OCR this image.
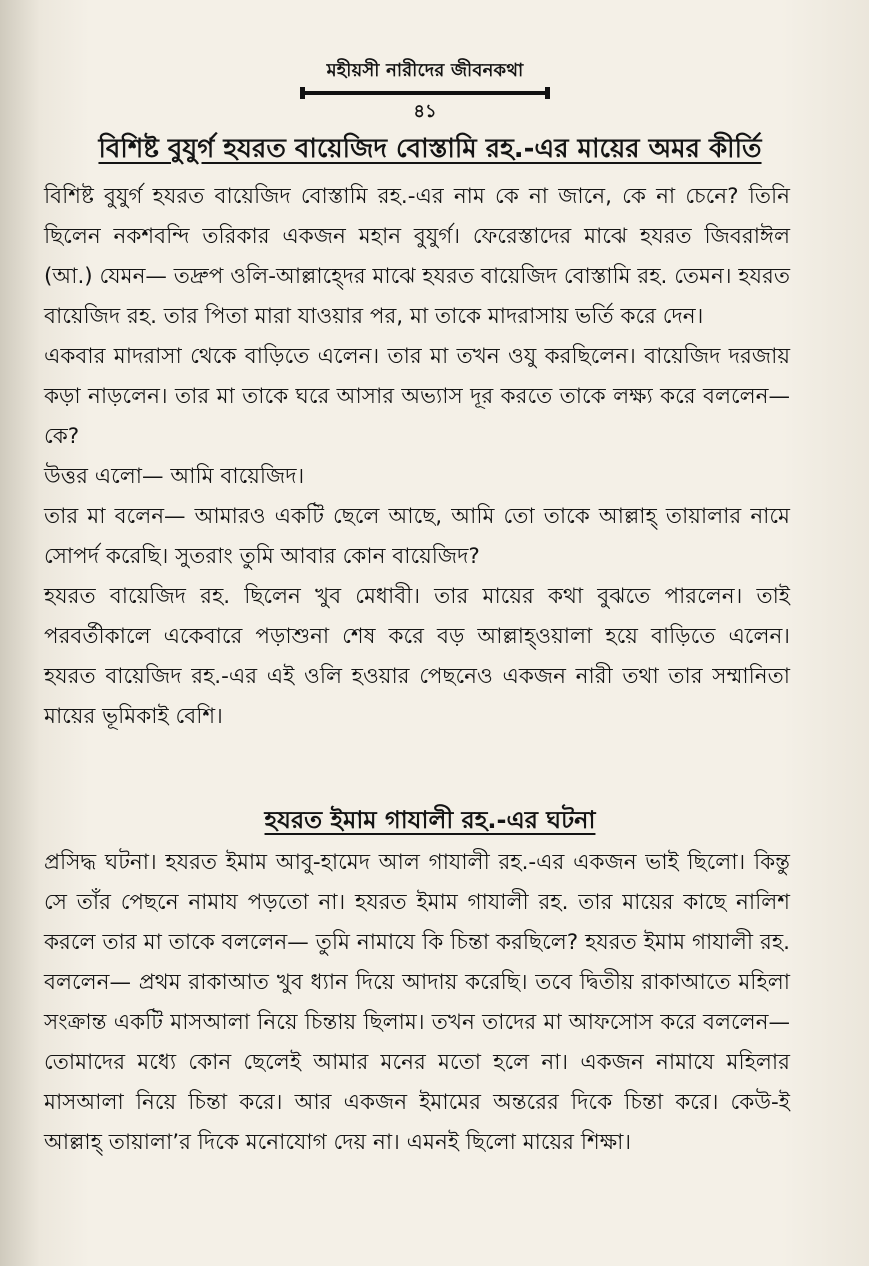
মহীয়সী নারীদের জীবনকথা
৪১
বিশিষ্ট বুযুর্গ হযরত বায়েজিদ বোস্তামি রহ.-এর মায়ের অমর কীর্তি

বিশিষ্ট বুযুর্গ হযরত বায়েজিদ বোস্তামি রহ.-এর নাম কে না জানে, কে না চেনে? তিনি ছিলেন নকশবন্দি তরিকার একজন মহান বুযুর্গ। ফেরেস্তাদের মাঝে হযরত জিবরাঈল (আ.) যেমন— তদ্রুপ ওলি-আল্লাহ্দের মাঝে হযরত বায়েজিদ বোস্তামি রহ. তেমন। হযরত বায়েজিদ রহ. তার পিতা মারা যাওয়ার পর, মা তাকে মাদরাসায় ভর্তি করে দেন।

একবার মাদরাসা থেকে বাড়িতে এলেন। তার মা তখন ওযু করছিলেন। বায়েজিদ দরজায় কড়া নাড়লেন। তার মা তাকে ঘরে আসার অভ্যাস দূর করতে তাকে লক্ষ্য করে বললেন— কে?

উত্তর এলো— আমি বায়েজিদ।

তার মা বলেন— আমারও একটি ছেলে আছে, আমি তো তাকে আল্লাহ্ তায়ালার নামে সোপর্দ করেছি। সুতরাং তুমি আবার কোন বায়েজিদ?

হযরত বায়েজিদ রহ. ছিলেন খুব মেধাবী। তার মায়ের কথা বুঝতে পারলেন। তাই পরবর্তীকালে একেবারে পড়াশুনা শেষ করে বড় আল্লাহ্ওয়ালা হয়ে বাড়িতে এলেন। হযরত বায়েজিদ রহ.-এর এই ওলি হওয়ার পেছনেও একজন নারী তথা তার সম্মানিতা মায়ের ভূমিকাই বেশি।

হযরত ইমাম গাযালী রহ.-এর ঘটনা

প্রসিদ্ধ ঘটনা। হযরত ইমাম আবু-হামেদ আল গাযালী রহ.-এর একজন ভাই ছিলো। কিন্তু সে তাঁর পেছনে নামায পড়তো না। হযরত ইমাম গাযালী রহ. তার মায়ের কাছে নালিশ করলে তার মা তাকে বললেন— তুমি নামাযে কি চিন্তা করছিলে? হযরত ইমাম গাযালী রহ. বললেন— প্রথম রাকাআত খুব ধ্যান দিয়ে আদায় করেছি। তবে দ্বিতীয় রাকাআতে মহিলা সংক্রান্ত একটি মাসআলা নিয়ে চিন্তায় ছিলাম। তখন তাদের মা আফসোস করে বললেন— তোমাদের মধ্যে কোন ছেলেই আমার মনের মতো হলে না। একজন নামাযে মহিলার মাসআলা নিয়ে চিন্তা করে। আর একজন ইমামের অন্তরের দিকে চিন্তা করে। কেউ-ই আল্লাহ্ তায়ালা’র দিকে মনোযোগ দেয় না। এমনই ছিলো মায়ের শিক্ষা।
